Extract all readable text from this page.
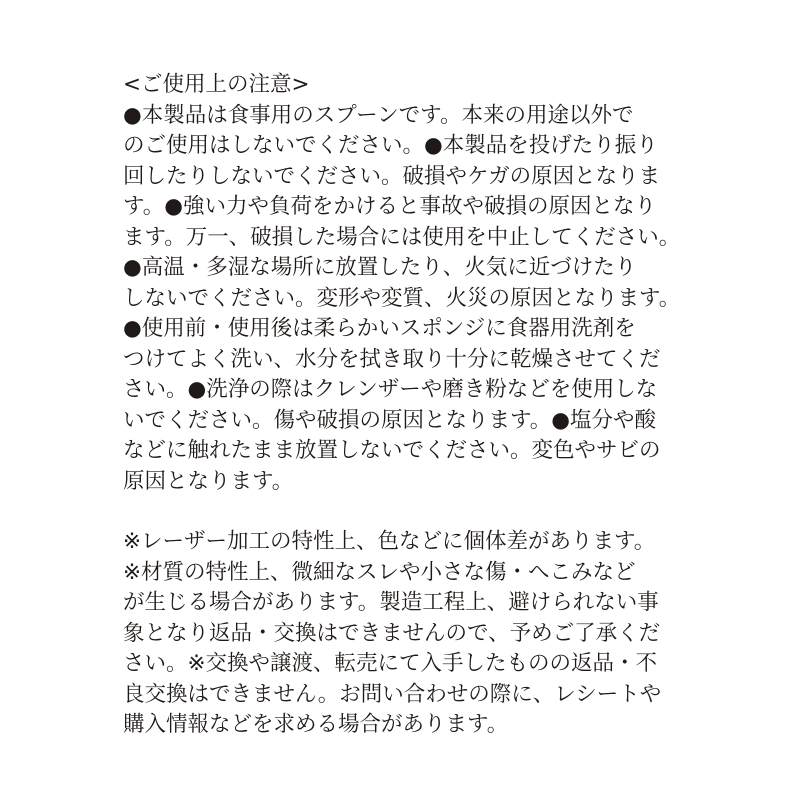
<ご使用上の注意>
●本製品は食事用のスプーンです。本来の用途以外で
のご使用はしないでください。●本製品を投げたり振り
回したりしないでください。破損やケガの原因となりま
す。●強い力や負荷をかけると事故や破損の原因となり
ます。万一、破損した場合には使用を中止してください。
●高温・多湿な場所に放置したり、火気に近づけたり
しないでください。変形や変質、火災の原因となります。
●使用前・使用後は柔らかいスポンジに食器用洗剤を
つけてよく洗い、水分を拭き取り十分に乾燥させてくだ
さい。●洗浄の際はクレンザーや磨き粉などを使用しな
いでください。傷や破損の原因となります。●塩分や酸
などに触れたまま放置しないでください。変色やサビの
原因となります。
※レーザー加工の特性上、色などに個体差があります。
※材質の特性上、微細なスレや小さな傷・へこみなど
が生じる場合があります。製造工程上、避けられない事
象となり返品・交換はできませんので、予めご了承くだ
さい。※交換や譲渡、転売にて入手したものの返品・不
良交換はできません。お問い合わせの際に、レシートや
購入情報などを求める場合があります。
